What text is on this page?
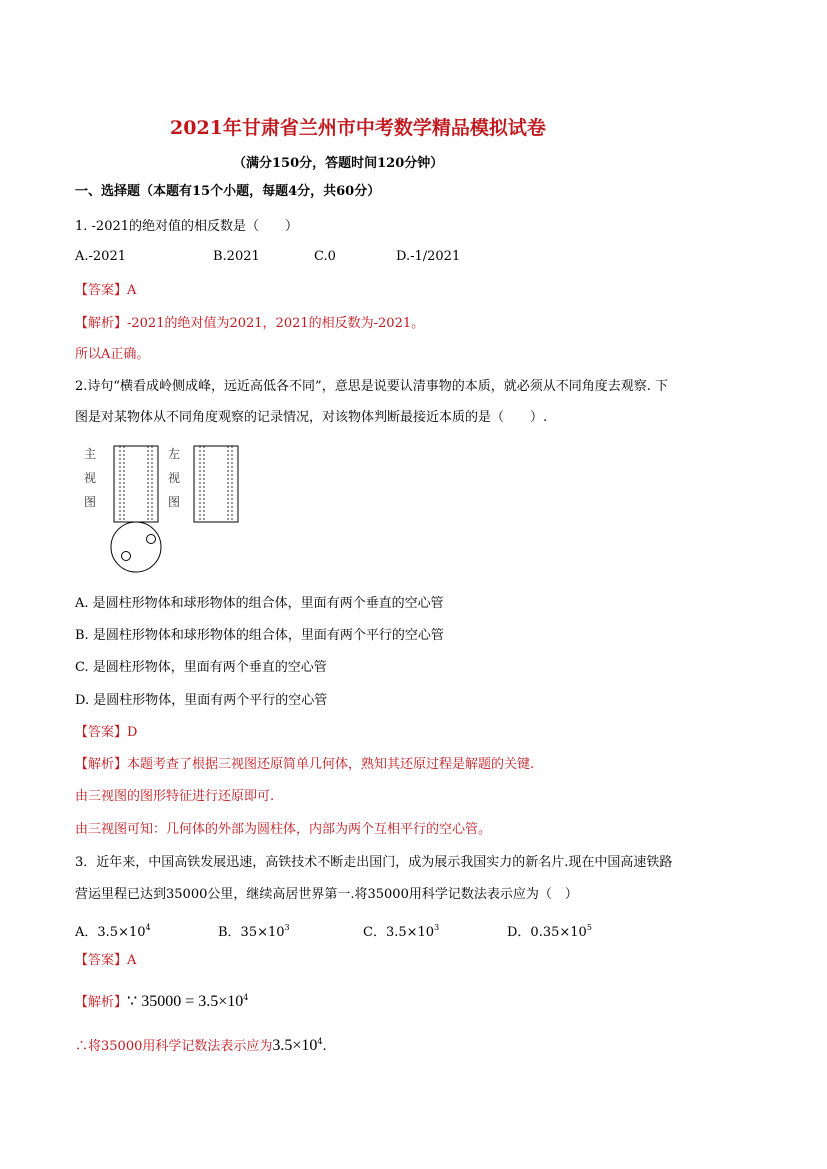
2021年甘肃省兰州市中考数学精品模拟试卷
（满分150分，答题时间120分钟）
一、选择题（本题有15个小题，每题4分，共60分）
1. -2021的绝对值的相反数是（　　）
A.-2021	B.2021	C.0	D.-1/2021
【答案】A
【解析】-2021的绝对值为2021，2021的相反数为-2021。
所以A正确。
2.诗句“横看成岭侧成峰，远近高低各不同”，意思是说要认清事物的本质，就必须从不同角度去观察. 下
图是对某物体从不同角度观察的记录情况，对该物体判断最接近本质的是（　　）.
主
视
图
左
视
图
A. 是圆柱形物体和球形物体的组合体，里面有两个垂直的空心管
B. 是圆柱形物体和球形物体的组合体，里面有两个平行的空心管
C. 是圆柱形物体，里面有两个垂直的空心管
D. 是圆柱形物体，里面有两个平行的空心管
【答案】D
【解析】本题考查了根据三视图还原简单几何体，熟知其还原过程是解题的关键.
由三视图的图形特征进行还原即可.
由三视图可知：几何体的外部为圆柱体，内部为两个互相平行的空心管。
3．近年来，中国高铁发展迅速，高铁技术不断走出国门，成为展示我国实力的新名片.现在中国高速铁路
营运里程已达到35000公里，继续高居世界第一.将35000用科学记数法表示应为（　）
A．$3.5\times 10^4$	B．$35\times 10^3$	C．$3.5\times 10^3$	D．$0.35\times 10^5$
【答案】A
【解析】∵ $35000 = 3.5\times 10^4$
∴将35000用科学记数法表示应为$3.5\times 10^4$.
